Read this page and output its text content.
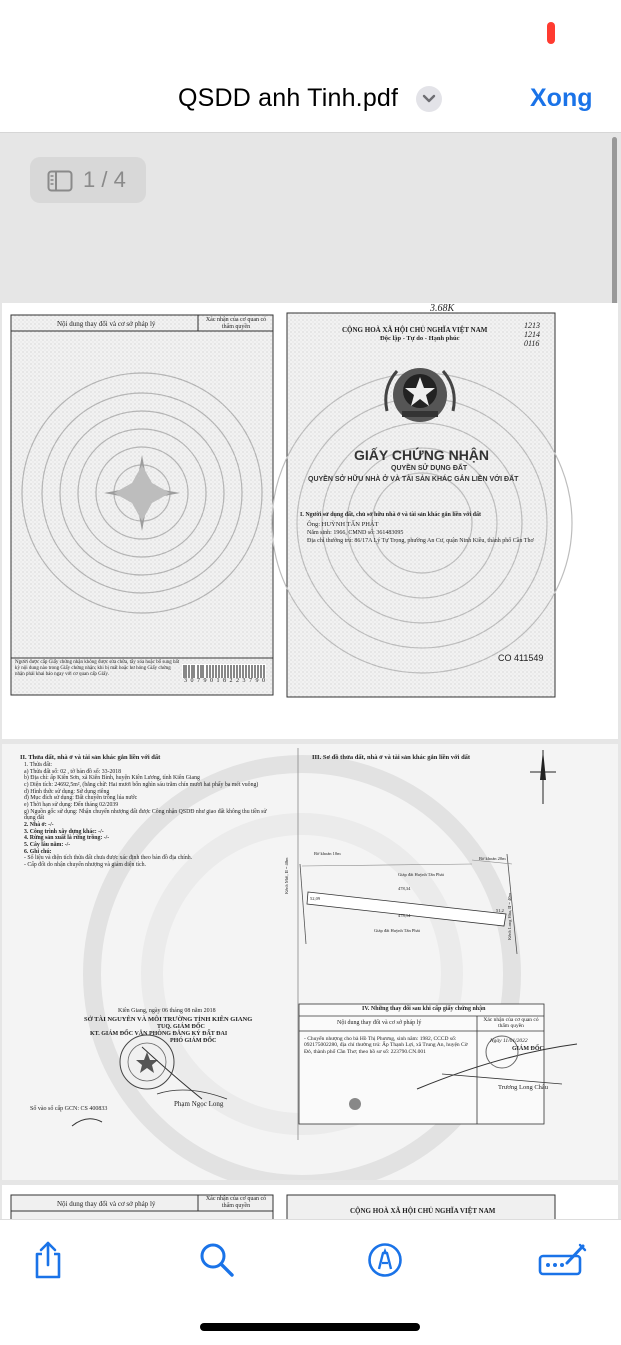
QSDD anh Tinh.pdf	Xong
1 / 4
Nội dung thay đổi và cơ sở pháp lý	Xác nhận của cơ quan có thẩm quyền
Người được cấp Giấy chứng nhận không được sửa chữa, tẩy xóa hoặc bổ sung bất kỳ nội dung nào trong Giấy chứng nhận; khi bị mất hoặc hư hỏng Giấy chứng nhận phải khai báo ngay với cơ quan cấp Giấy.
3 0 7 9 0 1 8 2 2 3 7 9 0
3.68K
1213 1214 0116
CỘNG HOÀ XÃ HỘI CHỦ NGHĨA VIỆT NAM
Độc lập - Tự do - Hạnh phúc
GIẤY CHỨNG NHẬN
QUYỀN SỬ DỤNG ĐẤT
QUYỀN SỞ HỮU NHÀ Ở VÀ TÀI SẢN KHÁC GẮN LIỀN VỚI ĐẤT
I. Người sử dụng đất, chủ sở hữu nhà ở và tài sản khác gắn liền với đất
Ông: HUỲNH TẤN PHÁT
Năm sinh: 1966, CMND số: 361483095
Địa chỉ thường trú: 86/17A Lý Tự Trọng, phường An Cư, quận Ninh Kiều, thành phố Cần Thơ
CO 411549
II. Thửa đất, nhà ở và tài sản khác gắn liền với đất
1. Thửa đất:
a) Thửa đất số: 02 , tờ bản đồ số: 33-2018
b) Địa chỉ: ấp Kiên Sơn, xã Kiên Bình, huyện Kiên Lương, tỉnh Kiên Giang
c) Diện tích: 24692,5m², (bằng chữ: Hai mươi bốn nghìn sáu trăm chín mươi hai phẩy ba mét vuông)
d) Hình thức sử dụng: Sử dụng riêng
đ) Mục đích sử dụng: Đất chuyên trồng lúa nước
e) Thời hạn sử dụng: Đến tháng 02/2039
g) Nguồn gốc sử dụng: Nhận chuyển nhượng đất được Công nhận QSDĐ như giao đất không thu tiền sử dụng đất
2. Nhà ở: -/-
3. Công trình xây dựng khác: -/-
4. Rừng sản xuất là rừng trồng: -/-
5. Cây lâu năm: -/-
6. Ghi chú:
- Số liệu và diện tích thửa đất chưa được xác định theo bản đồ địa chính.
- Cấp đổi do nhận chuyển nhượng và giảm diện tích.
Kiên Giang, ngày 06 tháng 08 năm 2018
SỞ TÀI NGUYÊN VÀ MÔI TRƯỜNG TỈNH KIÊN GIANG
TUQ. GIÁM ĐỐC
KT. GIÁM ĐỐC VĂN PHÒNG ĐĂNG KÝ ĐẤT ĐAI
PHÓ GIÁM ĐỐC
Phạm Ngọc Long
Số vào sổ cấp GCN: CS 400833
III. Sơ đồ thửa đất, nhà ở và tài sản khác gắn liền với đất
Bờ khoán 10m
Bờ khoán 20m
Giáp đất Huỳnh Tấn Phát
478,34
478,14
Giáp đất Huỳnh Tấn Phát
52,09
51,2
Kênh Mới, II = 40m
Kênh Long Hòa, II = 40m
IV. Những thay đổi sau khi cấp giấy chứng nhận
Nội dung thay đổi và cơ sở pháp lý	Xác nhận của cơ quan có thẩm quyền
- Chuyển nhượng cho bà Hồ Thị Phương, sinh năm: 1982, CCCD số: 092175002280, địa chỉ thường trú: Ấp Thạnh Lợi, xã Trung An, huyện Cờ Đỏ, thành phố Cần Thơ; theo hồ sơ số: 223790.CN.001
Ngày 11/01/2022
GIÁM ĐỐC
Trương Long Châu
Nội dung thay đổi và cơ sở pháp lý
Xác nhận của cơ quan có thẩm quyền
CỘNG HOÀ XÃ HỘI CHỦ NGHĨA VIỆT NAM
